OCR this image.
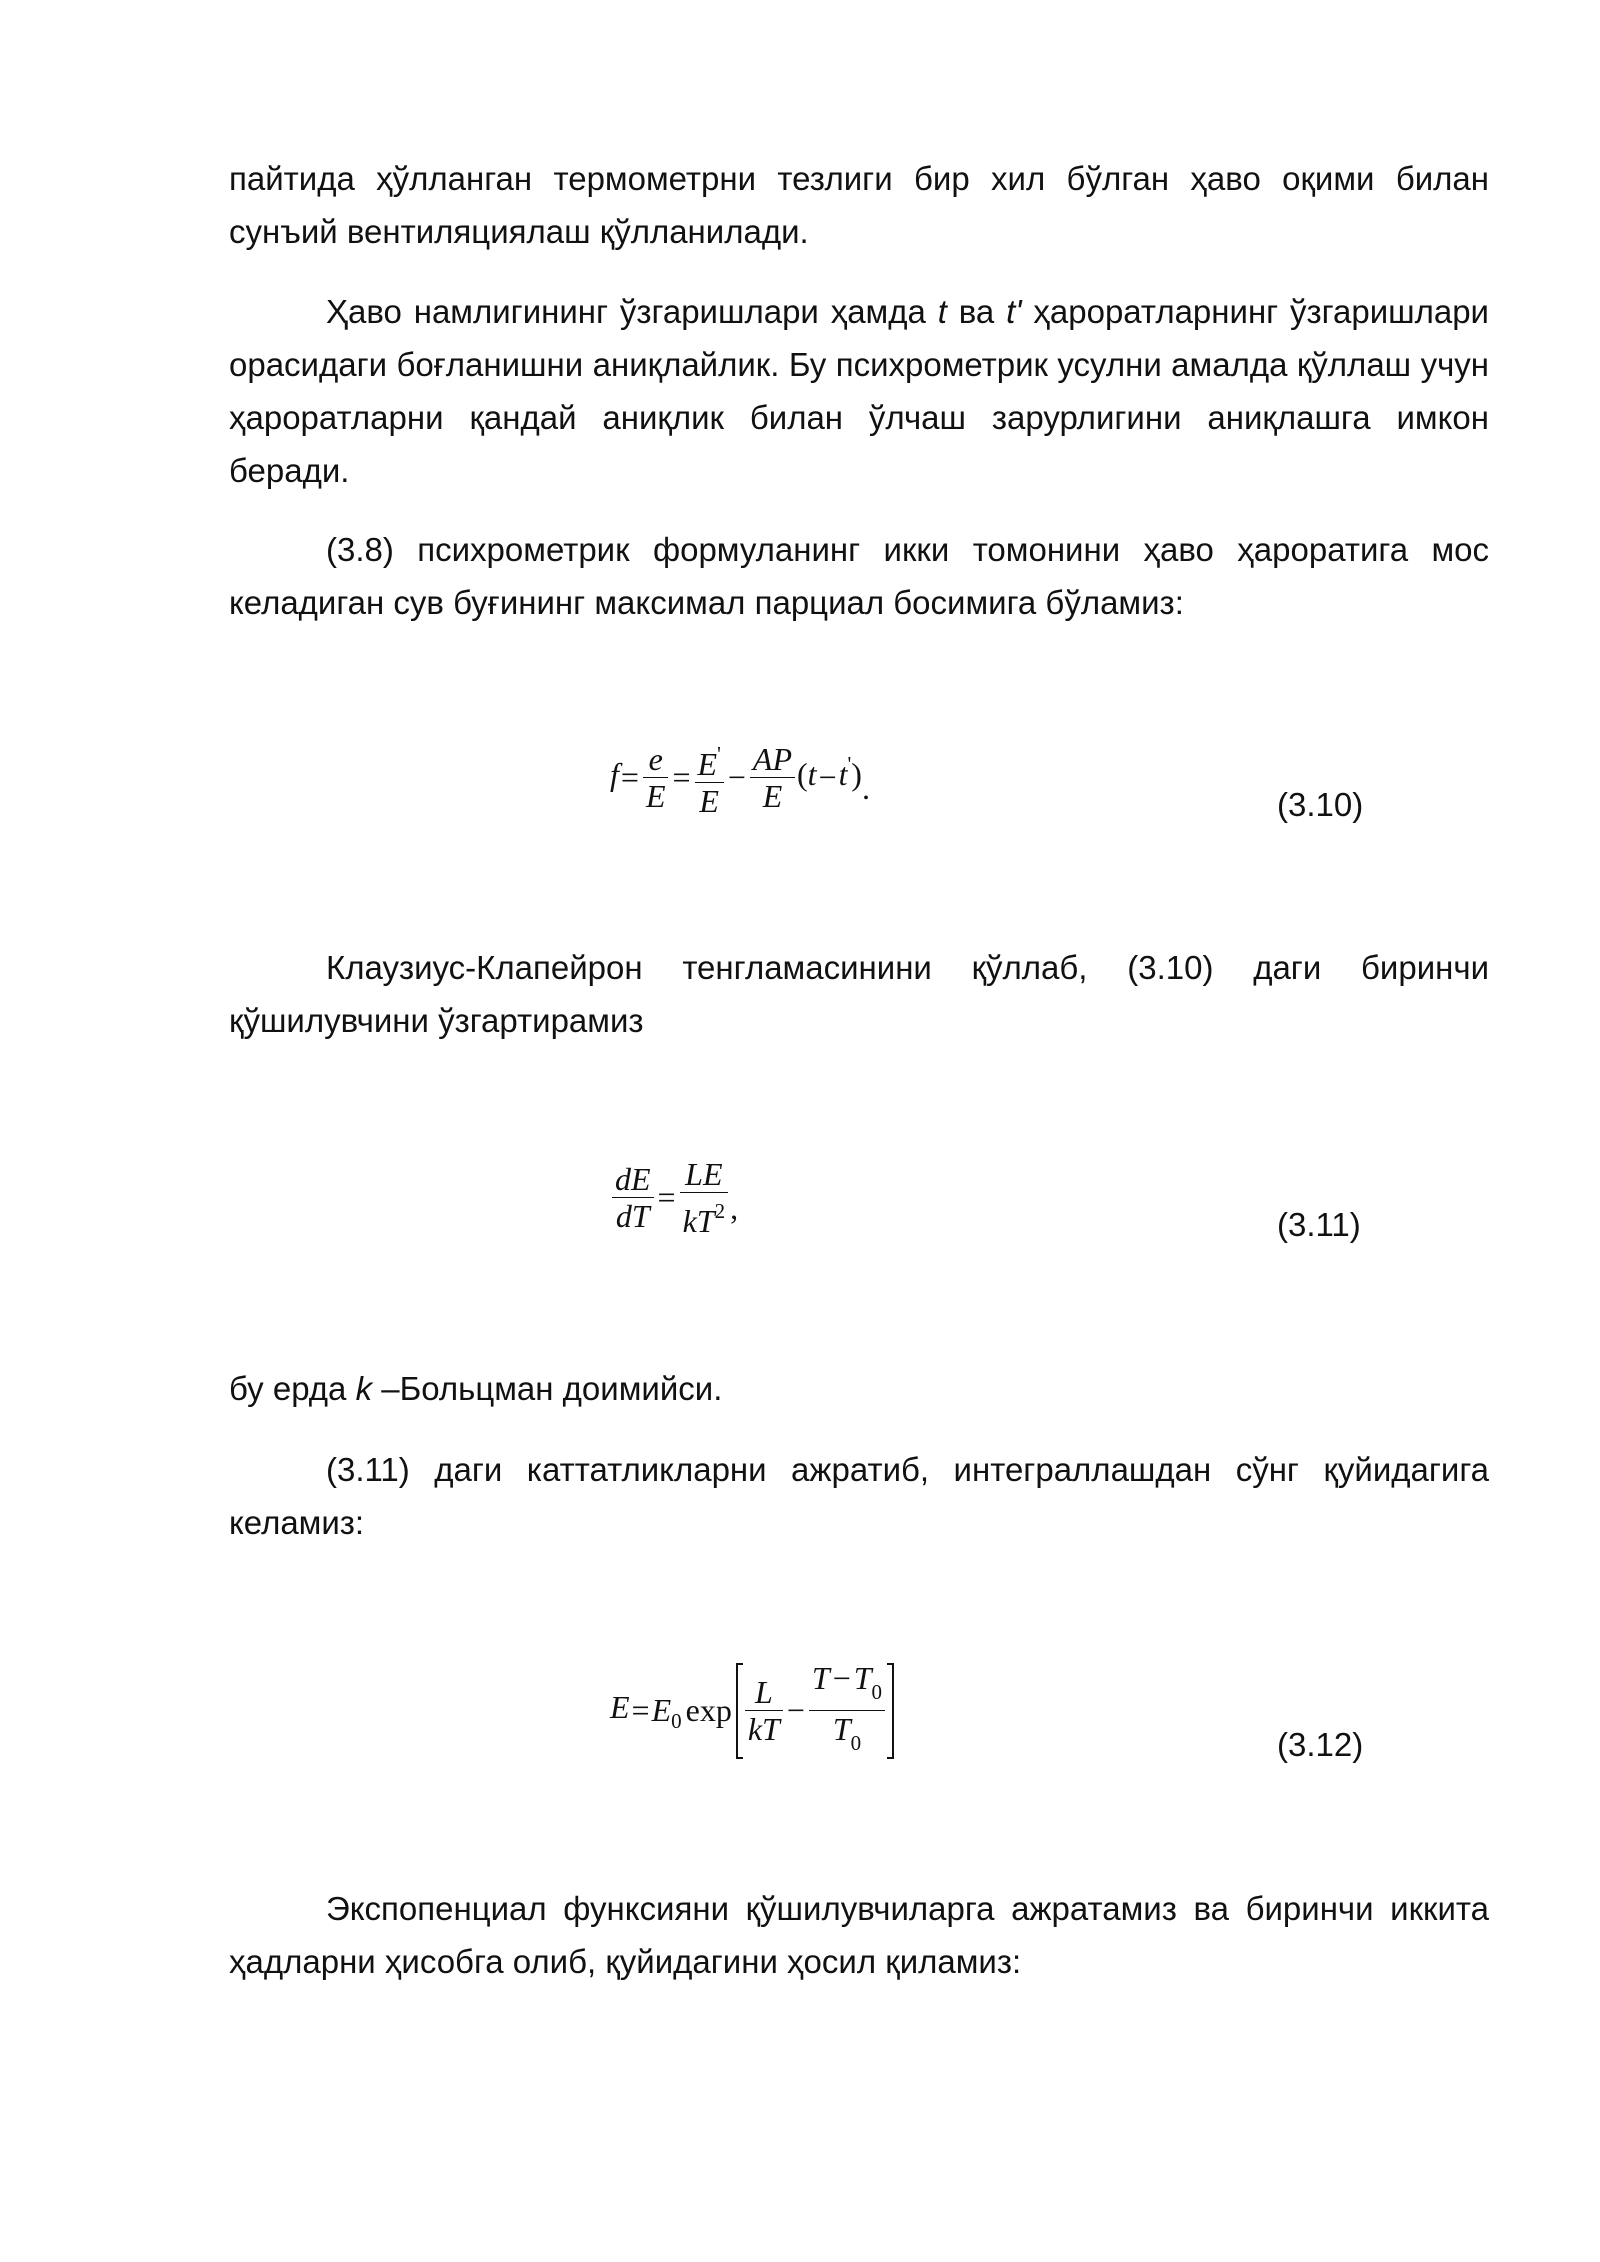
пайтида ҳўлланган термометрни тезлиги бир хил бўлган ҳаво оқими билан сунъий вентиляциялаш қўлланилади.

Ҳаво намлигининг ўзгаришлари ҳамда t ва t' ҳароратларнинг ўзгаришлари орасидаги боғланишни аниқлайлик. Бу психрометрик усулни амалда қўллаш учун ҳароратларни қандай аниқлик билан ўлчаш зарурлигини аниқлашга имкон беради.

(3.8) психрометрик формуланинг икки томонини ҳаво ҳароратига мос келадиган сув буғининг максимал парциал босимига бўламиз:

$f= \frac{e}{E} = \frac{E'}{E} - \frac{AP}{E} (t-t')$.	(3.10)

Клаузиус-Клапейрон тенгламасинини қўллаб, (3.10) даги биринчи қўшилувчини ўзгартирамиз

$\frac{dE}{dT} = \frac{LE}{kT^2}$ ,	(3.11)

бу ерда k –Больцман доимийси.

(3.11) даги каттатликларни ажратиб, интеграллашдан сўнг қуйидагига келамиз:

$E=E_0$ $\exp \frac{L}{kT} - \frac{T-T_0}{T_0}$	(3.12)

Экспопенциал функсияни қўшилувчиларга ажратамиз ва биринчи иккита ҳадларни ҳисобга олиб, қуйидагини ҳосил қиламиз:
